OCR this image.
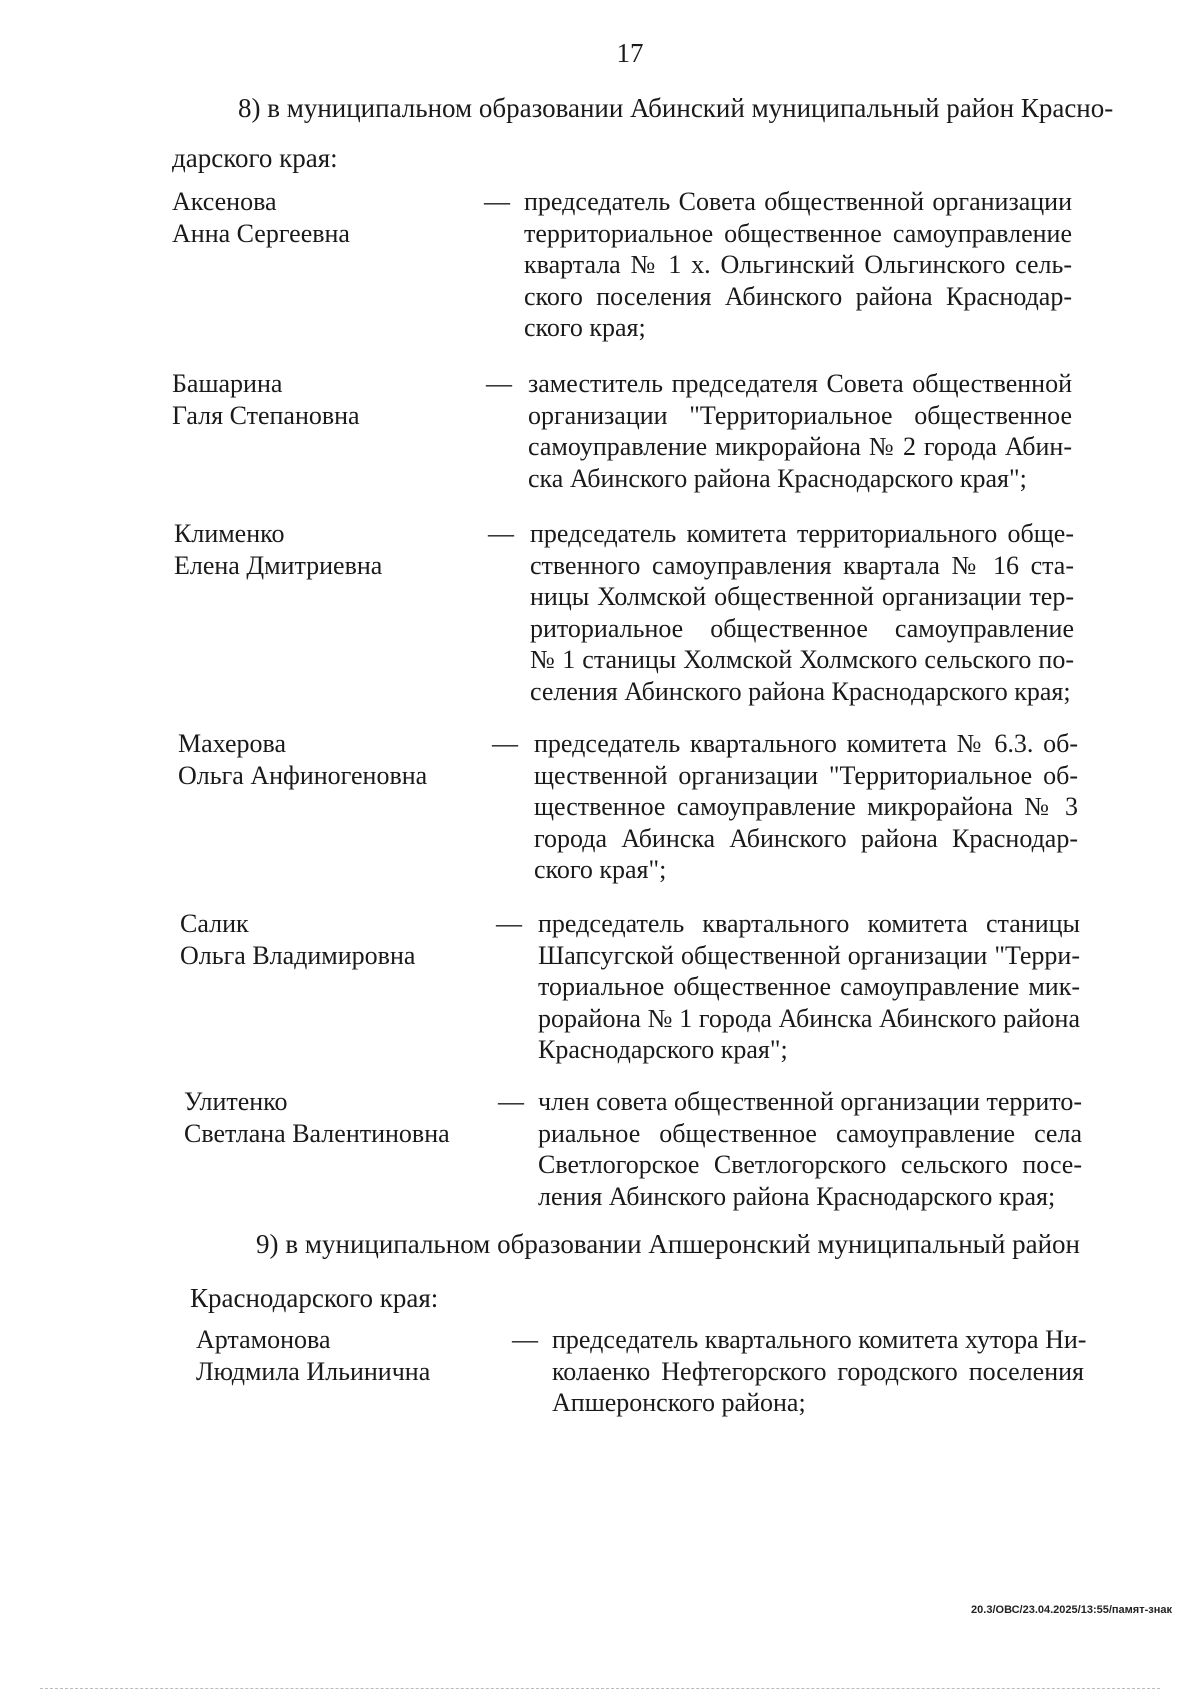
17
8) в муниципальном образовании Абинский муниципальный район Красно-
дарского края:
Аксенова
Анна Сергеевна
— председатель Совета общественной организации
территориальное общественное самоуправление
квартала № 1 х. Ольгинский Ольгинского сель-
ского поселения Абинского района Краснодар-
ского края;
Башарина
Галя Степановна
— заместитель председателя Совета общественной
организации "Территориальное общественное
самоуправление микрорайона № 2 города Абин-
ска Абинского района Краснодарского края";
Клименко
Елена Дмитриевна
— председатель комитета территориального обще-
ственного самоуправления квартала № 16 ста-
ницы Холмской общественной организации тер-
риториальное общественное самоуправление
№ 1 станицы Холмской Холмского сельского по-
селения Абинского района Краснодарского края;
Махерова
Ольга Анфиногеновна
— председатель квартального комитета № 6.3. об-
щественной организации "Территориальное об-
щественное самоуправление микрорайона № 3
города Абинска Абинского района Краснодар-
ского края";
Салик
Ольга Владимировна
— председатель квартального комитета станицы
Шапсугской общественной организации "Терри-
ториальное общественное самоуправление мик-
рорайона № 1 города Абинска Абинского района
Краснодарского края";
Улитенко
Светлана Валентиновна
— член совета общественной организации террито-
риальное общественное самоуправление села
Светлогорское Светлогорского сельского посе-
ления Абинского района Краснодарского края;
9) в муниципальном образовании Апшеронский муниципальный район
Краснодарского края:
Артамонова
Людмила Ильинична
— председатель квартального комитета хутора Ни-
колаенко Нефтегорского городского поселения
Апшеронского района;
20.3/ОВС/23.04.2025/13:55/памят-знак
